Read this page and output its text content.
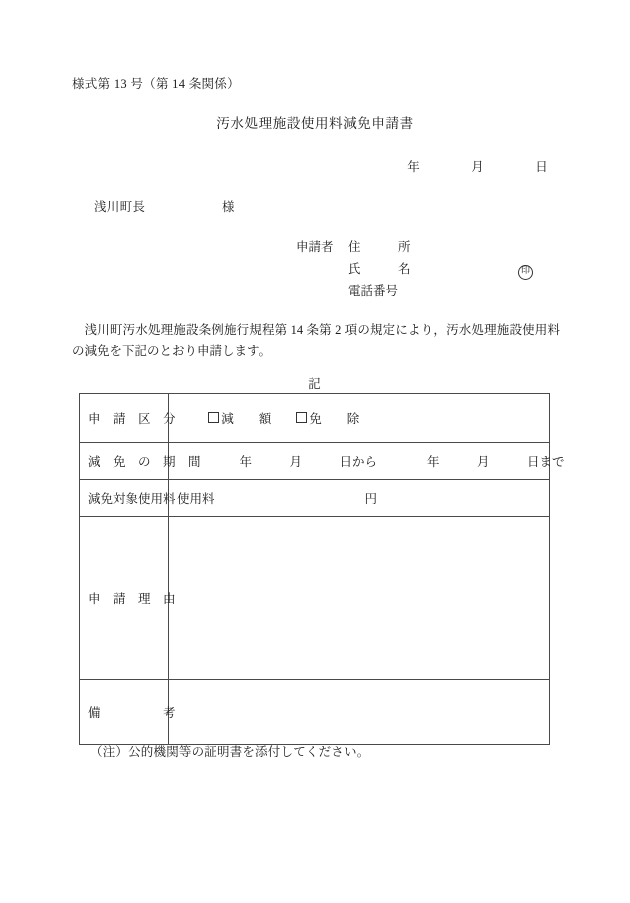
様式第 13 号（第 14 条関係）
汚水処理施設使用料減免申請書
年　　　　月　　　　日
浅川町長　　　　　　様
申請者	住　　　所
氏　　　名	印
電話番号
浅川町汚水処理施設条例施行規程第 14 条第 2 項の規定により，汚水処理施設使用料の減免を下記のとおり申請します。
記
申　請　区　分	減　　額　　 免　　除

減　免　の　期　間	　　　　　年　　　月　　　日から　　　　年　　　月　　　日まで
減免対象使用料	使用料　　　　　　　　　　　　円
申　請　理　由	
備　　　　　考	
（注）公的機関等の証明書を添付してください。
